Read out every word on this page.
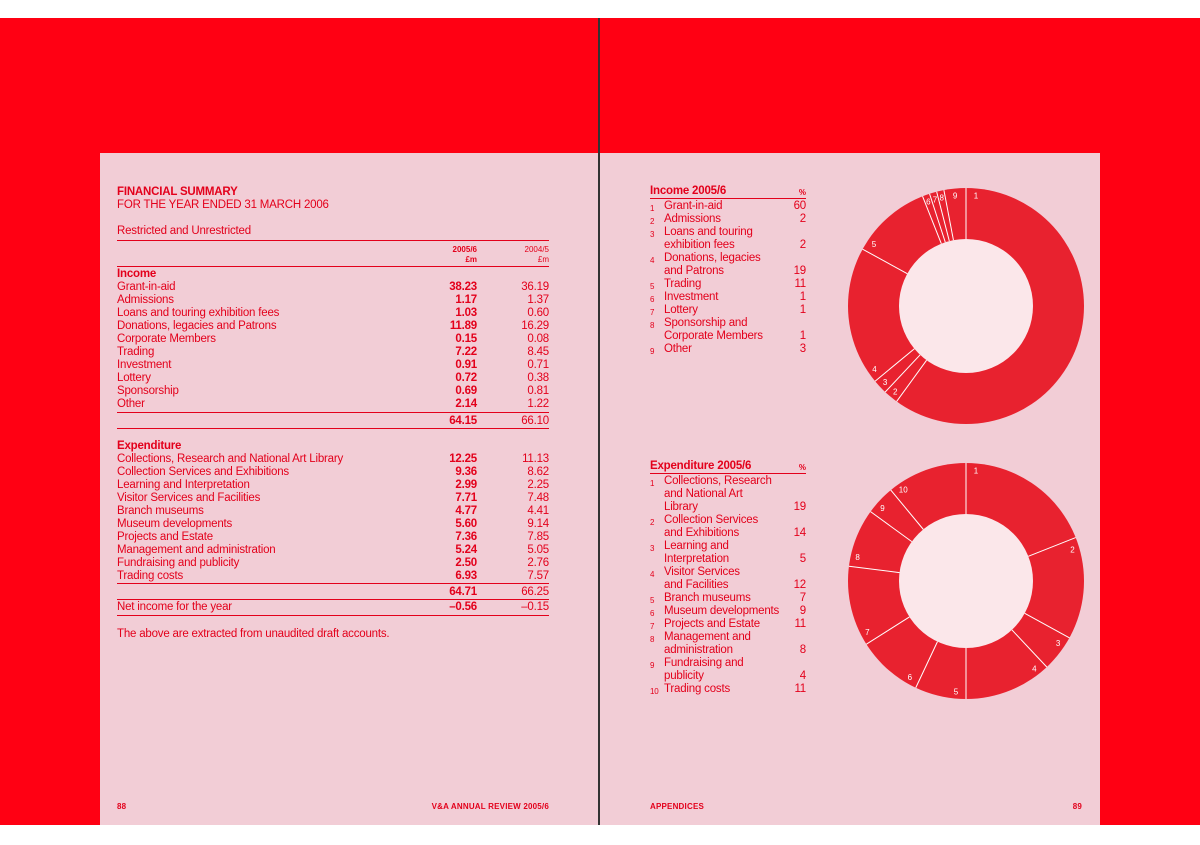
FINANCIAL SUMMARY
FOR THE YEAR ENDED 31 MARCH 2006
Restricted and Unrestricted
2005/6
£m
2004/5
£m
Income
Grant-in-aid	38.23	36.19
Admissions	1.17	1.37
Loans and touring exhibition fees	1.03	0.60
Donations, legacies and Patrons	11.89	16.29
Corporate Members	0.15	0.08
Trading	7.22	8.45
Investment	0.91	0.71
Lottery	0.72	0.38
Sponsorship	0.69	0.81
Other	2.14	1.22
64.15	66.10
Expenditure
Collections, Research and National Art Library	12.25	11.13
Collection Services and Exhibitions	9.36	8.62
Learning and Interpretation	2.99	2.25
Visitor Services and Facilities	7.71	7.48
Branch museums	4.77	4.41
Museum developments	5.60	9.14
Projects and Estate	7.36	7.85
Management and administration	5.24	5.05
Fundraising and publicity	2.50	2.76
Trading costs	6.93	7.57
64.71	66.25
Net income for the year	–0.56	–0.15
The above are extracted from unaudited draft accounts.
88	V&A ANNUAL REVIEW 2005/6
Income 2005/6	%
1 Grant-in-aid	60
2 Admissions	2
3 Loans and touring
exhibition fees	2
4 Donations, legacies
and Patrons	19
5 Trading	11
6 Investment	1
7 Lottery	1
8 Sponsorship and
Corporate Members	1
9 Other	3
Expenditure 2005/6	%
1 Collections, Research
and National Art
Library	19
2 Collection Services
and Exhibitions	14
3 Learning and
Interpretation	5
4 Visitor Services
and Facilities	12
5 Branch museums	7
6 Museum developments	9
7 Projects and Estate	11
8 Management and
administration	8
9 Fundraising and
publicity	4
10 Trading costs	11
1
2
3
4
5
6 7 8 9
1
2
3
4
5
6
7
8
9
10
APPENDICES	89
